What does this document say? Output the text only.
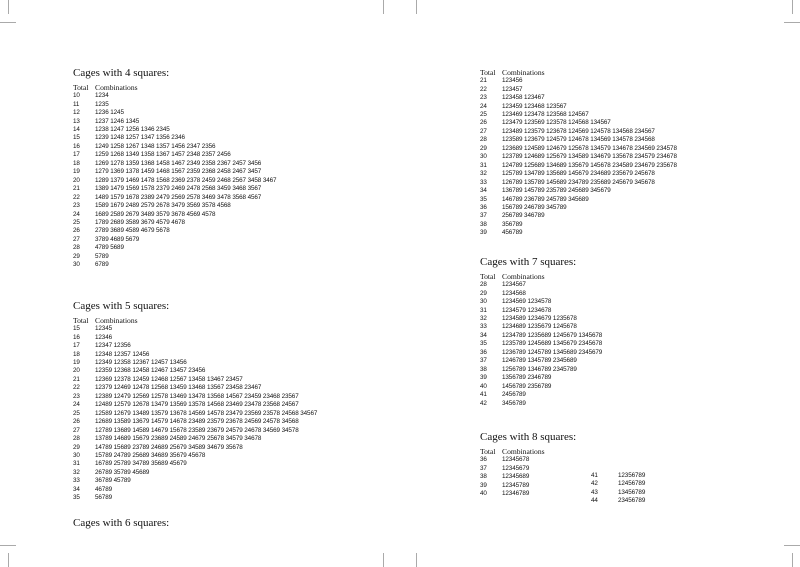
Cages with 4 squares:
Total Combinations
10	1234
11	1235
12	1236 1245
13	1237 1246 1345
14	1238 1247 1256 1346 2345
15	1239 1248 1257 1347 1356 2346
16	1249 1258 1267 1348 1357 1456 2347 2356
17	1259 1268 1349 1358 1367 1457 2348 2357 2456
18	1269 1278 1359 1368 1458 1467 2349 2358 2367 2457 3456
19	1279 1369 1378 1459 1468 1567 2359 2368 2458 2467 3457
20	1289 1379 1469 1478 1568 2369 2378 2459 2468 2567 3458 3467
21	1389 1479 1569 1578 2379 2469 2478 2568 3459 3468 3567
22	1489 1579 1678 2389 2479 2569 2578 3469 3478 3568 4567
23	1589 1679 2489 2579 2678 3479 3569 3578 4568
24	1689 2589 2679 3489 3579 3678 4569 4578
25	1789 2689 3589 3679 4579 4678
26	2789 3689 4589 4679 5678
27	3789 4689 5679
28	4789 5689
29	5789
30	6789
Cages with 5 squares:
Total Combinations
15	12345
16	12346
17	12347 12356
18	12348 12357 12456
19	12349 12358 12367 12457 13456
20	12359 12368 12458 12467 13457 23456
21	12369 12378 12459 12468 12567 13458 13467 23457
22	12379 12469 12478 12568 13459 13468 13567 23458 23467
23	12389 12479 12569 12578 13469 13478 13568 14567 23459 23468 23567
24	12489 12579 12678 13479 13569 13578 14568 23469 23478 23568 24567
25	12589 12679 13489 13579 13678 14569 14578 23479 23569 23578 24568 34567
26	12689 13589 13679 14579 14678 23489 23579 23678 24569 24578 34568
27	12789 13689 14589 14679 15678 23589 23679 24579 24678 34569 34578
28	13789 14689 15679 23689 24589 24679 25678 34579 34678
29	14789 15689 23789 24689 25679 34589 34679 35678
30	15789 24789 25689 34689 35679 45678
31	16789 25789 34789 35689 45679
32	26789 35789 45689
33	36789 45789
34	46789
35	56789
Cages with 6 squares:
Total Combinations
21	123456
22	123457
23	123458 123467
24	123459 123468 123567
25	123469 123478 123568 124567
26	123479 123569 123578 124568 134567
27	123489 123579 123678 124569 124578 134568 234567
28	123589 123679 124579 124678 134569 134578 234568
29	123689 124589 124679 125678 134579 134678 234569 234578
30	123789 124689 125679 134589 134679 135678 234579 234678
31	124789 125689 134689 135679 145678 234589 234679 235678
32	125789 134789 135689 145679 234689 235679 245678
33	126789 135789 145689 234789 235689 245679 345678
34	136789 145789 235789 245689 345679
35	146789 236789 245789 345689
36	156789 246789 345789
37	256789 346789
38	356789
39	456789
Cages with 7 squares:
Total Combinations
28	1234567
29	1234568
30	1234569 1234578
31	1234579 1234678
32	1234589 1234679 1235678
33	1234689 1235679 1245678
34	1234789 1235689 1245679 1345678
35	1235789 1245689 1345679 2345678
36	1236789 1245789 1345689 2345679
37	1246789 1345789 2345689
38	1256789 1346789 2345789
39	1356789 2346789
40	1456789 2356789
41	2456789
42	3456789
Cages with 8 squares:
Total Combinations
36	12345678
37	12345679
38	12345689
39	12345789
40	12346789
41	12356789
42	12456789
43	13456789
44	23456789
